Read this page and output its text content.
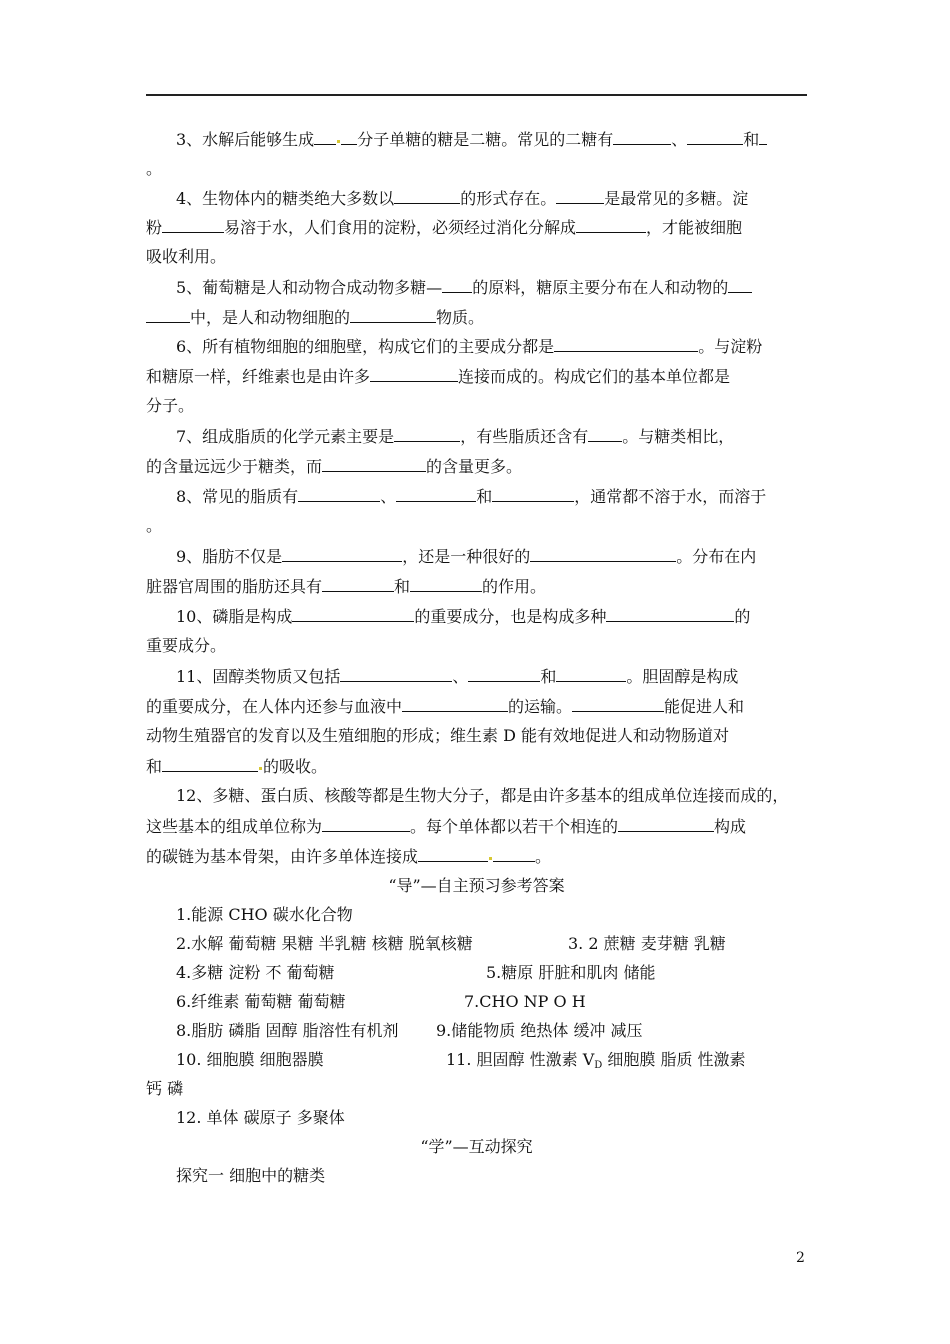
3、水解后能够生成	分子单糖的糖是二糖。常见的二糖有	、	和
。
4、生物体内的糖类绝大多数以	的形式存在。	是最常见的多糖。淀
粉	易溶于水，人们食用的淀粉，必须经过消化分解成	，才能被细胞
吸收利用。
5、葡萄糖是人和动物合成动物多糖— 的原料，糖原主要分布在人和动物的
中，是人和动物细胞的	物质。
6、所有植物细胞的细胞壁，构成它们的主要成分都是	。与淀粉
和糖原一样，纤维素也是由许多	连接而成的。构成它们的基本单位都是
分子。
7、组成脂质的化学元素主要是	，有些脂质还含有 。与糖类相比，
的含量远远少于糖类，而	的含量更多。
8、常见的脂质有	、	和	，通常都不溶于水，而溶于
。
9、脂肪不仅是	，还是一种很好的	。分布在内
脏器官周围的脂肪还具有	和	的作用。
10、磷脂是构成	的重要成分，也是构成多种	的
重要成分。
11、固醇类物质又包括	、	和	。胆固醇是构成
的重要成分，在人体内还参与血液中	的运输。	能促进人和
动物生殖器官的发育以及生殖细胞的形成；维生素 D 能有效地促进人和动物肠道对
和	的吸收。
12、多糖、蛋白质、核酸等都是生物大分子，都是由许多基本的组成单位连接而成的，
这些基本的组成单位称为	。每个单体都以若干个相连的	构成
的碳链为基本骨架，由许多单体连接成	。
“导”—自主预习参考答案
1.能源 CHO 碳水化合物
2.水解 葡萄糖 果糖 半乳糖 核糖 脱氧核糖	3. 2 蔗糖 麦芽糖 乳糖
4.多糖 淀粉 不 葡萄糖	5.糖原 肝脏和肌肉 储能
6.纤维素 葡萄糖 葡萄糖	7.CHO NP O H
8.脂肪 磷脂 固醇 脂溶性有机剂 9.储能物质 绝热体 缓冲 减压
10. 细胞膜 细胞器膜	11. 胆固醇 性激素 $V_D$ 细胞膜 脂质 性激素
钙 磷
12. 单体 碳原子 多聚体
“学”—互动探究
探究一 细胞中的糖类
2
